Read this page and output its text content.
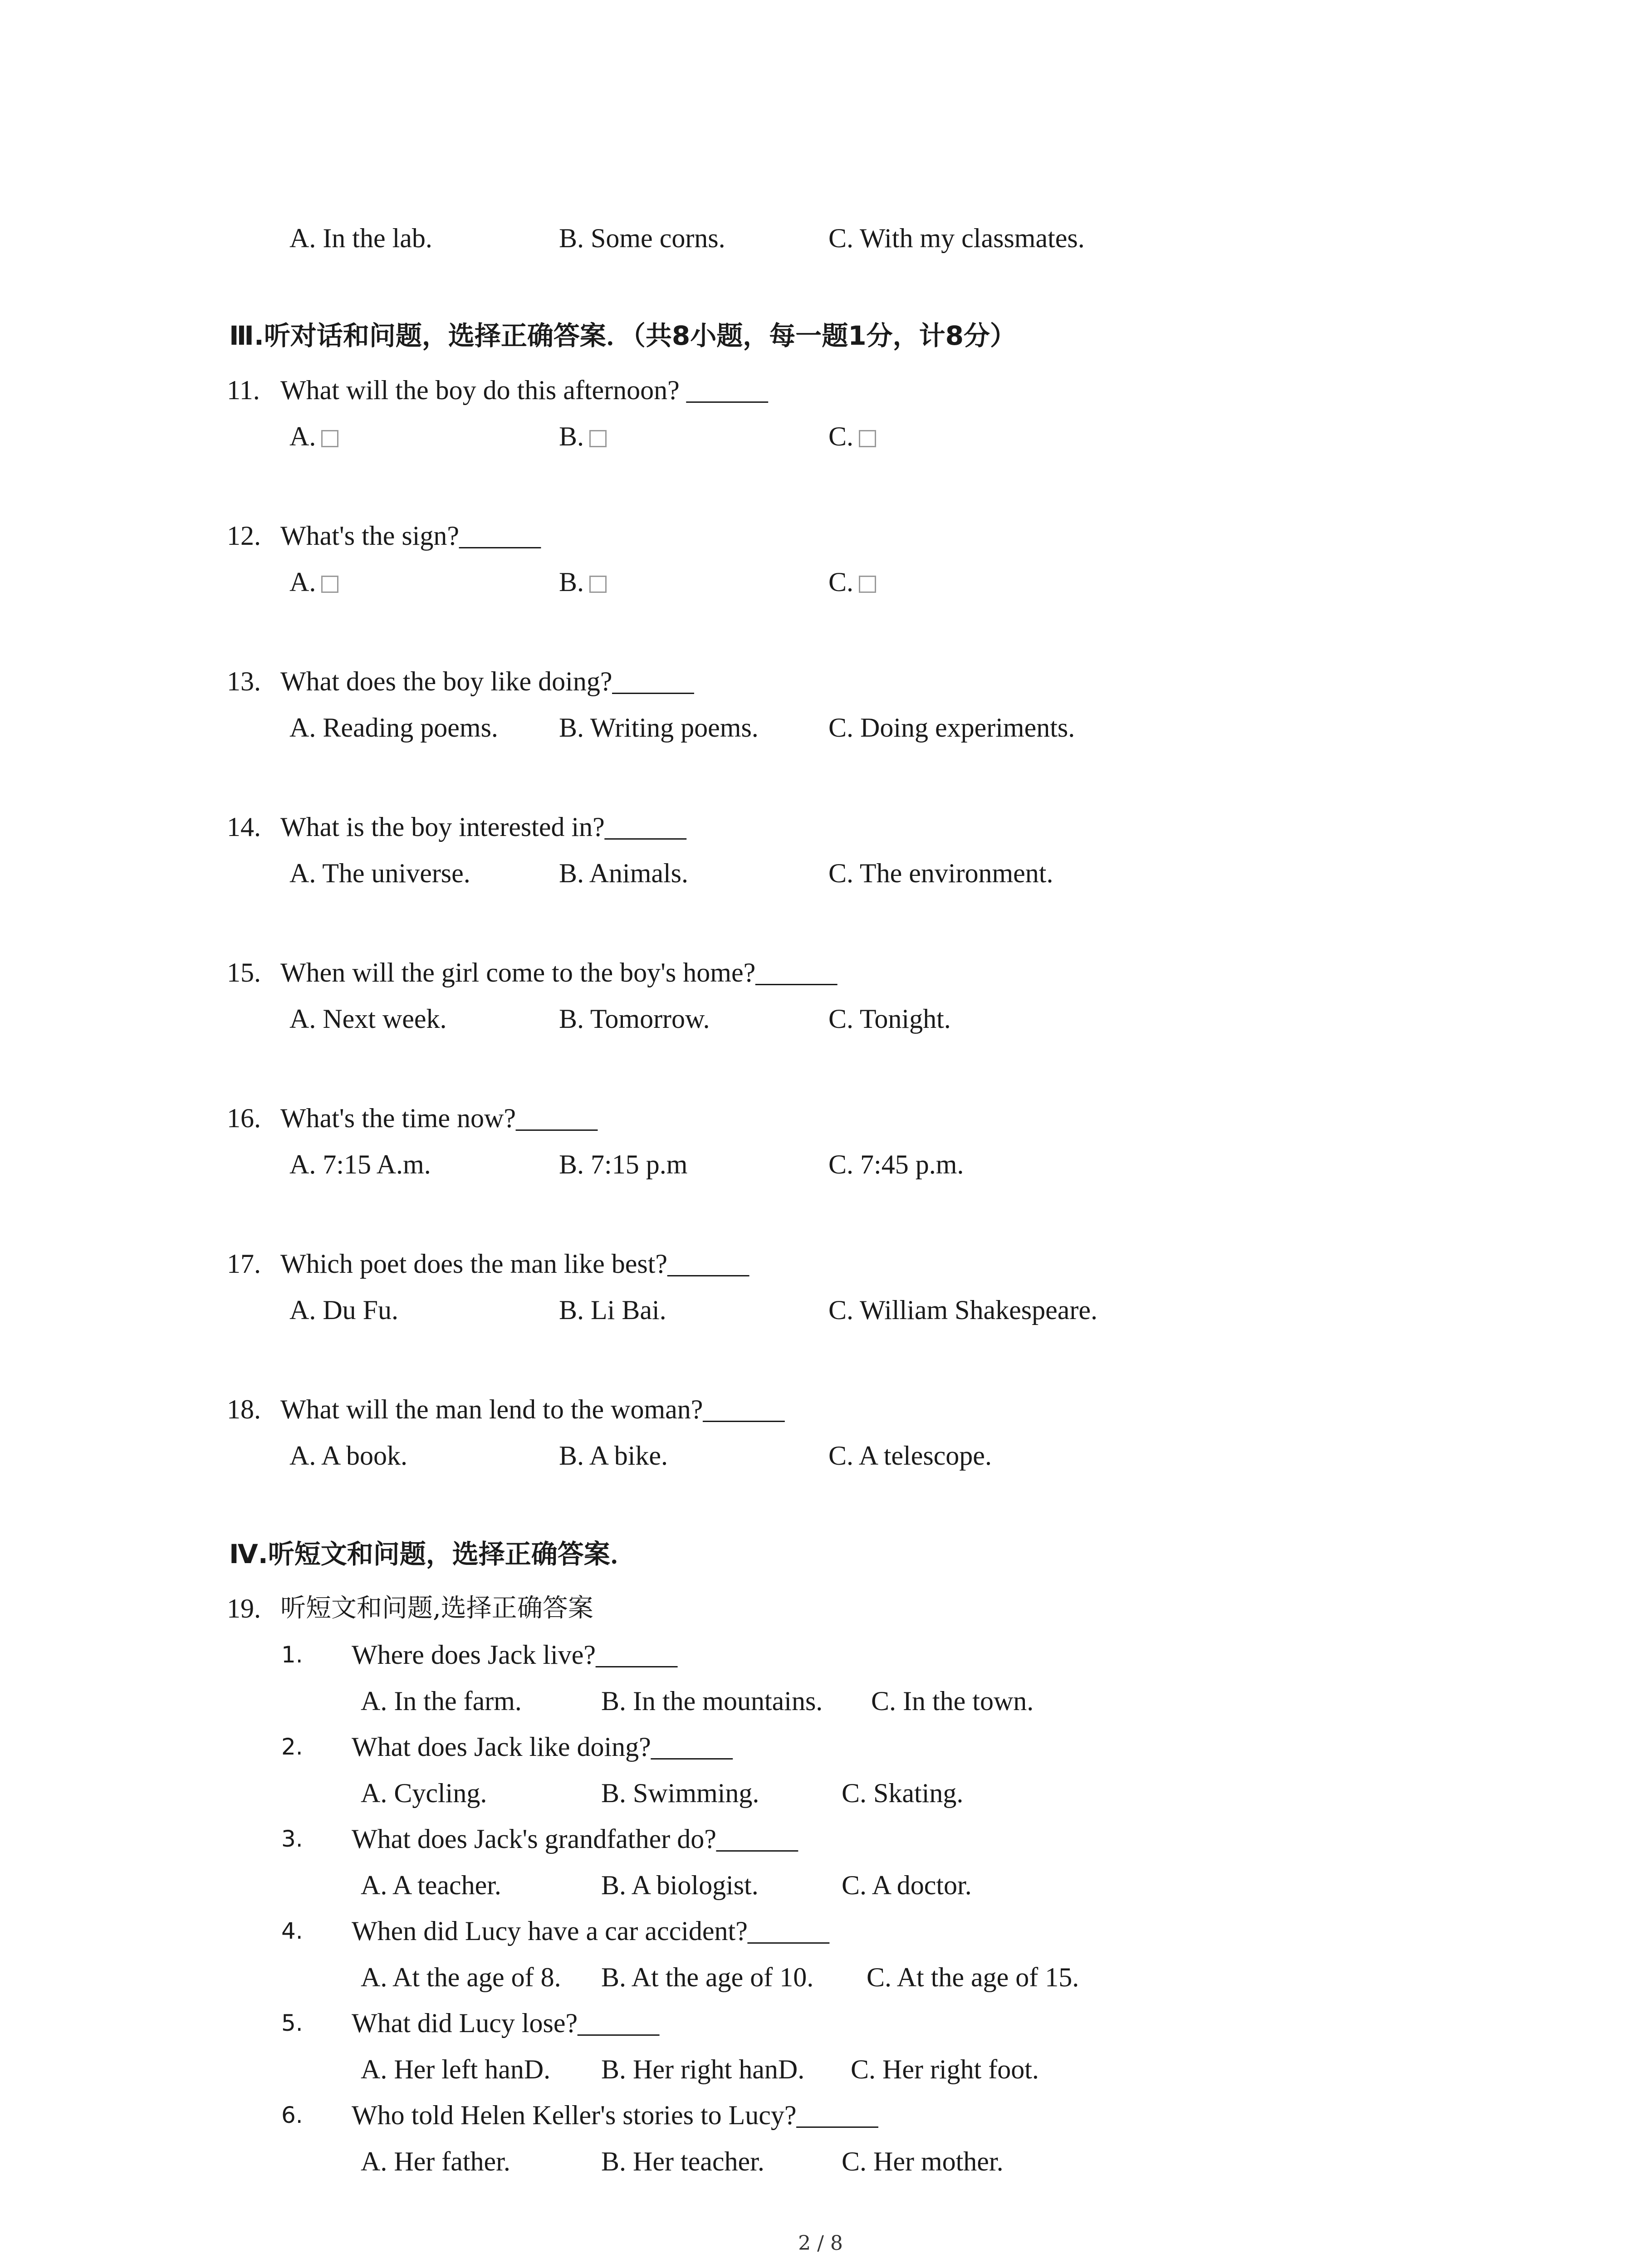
A. In the lab.	B. Some corns.	C. With my classmates.
Ⅲ.听对话和问题，选择正确答案．（共8小题，每一题1分，计8分）
11. What will the boy do this afternoon? ______
A.	B.	C.
12. What's the sign?______
A.	B.	C.
13. What does the boy like doing?______
A. Reading poems. B. Writing poems.	C. Doing experiments.
14. What is the boy interested in?______
A. The universe.	B. Animals.	C. The environment.
15. When will the girl come to the boy's home?______
A. Next week.	B. Tomorrow.	C. Tonight.
16. What's the time now?______
A. 7:15 A.m.	B. 7:15 p.m	C. 7:45 p.m.
17. Which poet does the man like best?______
A. Du Fu.	B. Li Bai.	C. William Shakespeare.
18. What will the man lend to the woman?______
A. A book.	B. A bike.	C. A telescope.
Ⅳ.听短文和问题，选择正确答案．
19. 听短文和问题,选择正确答案
1. Where does Jack live?______
A. In the farm.	B. In the mountains. C. In the town.
2. What does Jack like doing?______
A. Cycling.	B. Swimming.	C. Skating.
3. What does Jack's grandfather do?______
A. A teacher.	B. A biologist.	C. A doctor.
4. When did Lucy have a car accident?______
A. At the age of 8. B. At the age of 10. C. At the age of 15.
5. What did Lucy lose?______
A. Her left hanD. B. Her right hanD. C. Her right foot.
6. Who told Helen Keller's stories to Lucy?______
A. Her father.	B. Her teacher.	C. Her mother.
2 / 8
